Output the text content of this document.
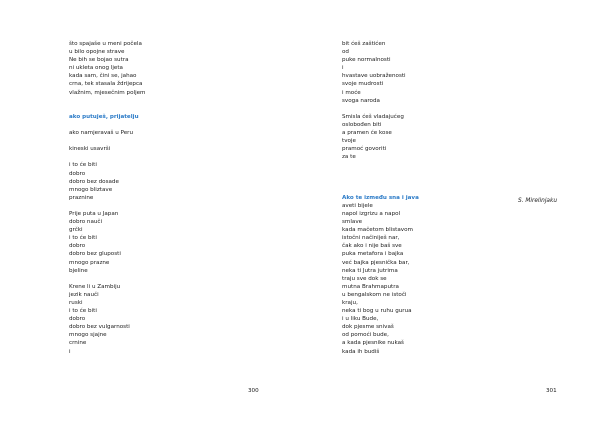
što spajaše u meni počela
u bilo opojne strave
Ne bih se bojao sutra
ni ukleta onog ljeta
kada sam, čini se, jahao
crna, tek stasala ždrijepca
vlažnim, mjesečnim poljem
ako putuješ, prijatelju
ako namjeravaš u Peru
kineski usavrši
i to će biti
dobro
dobro bez dosade
mnogo bliztave
praznine
Prije puta u Japan
dobro nauči
grčki
i to će biti
dobro
dobro bez gluposti
mnogo prazne
bjeline
Krene li u Zambiju
jezik nauči
ruski
i to će biti
dobro
dobro bez vulgarnosti
mnogo sjajne
crnine
i
300
bit ćeš zaštićen
od
puke normalnosti
i
hvastave uobraženosti
svoje mudrosti
i moće
svoga naroda
Smisla ćeš vladajućeg
oslobođen biti
a pramen će kose
tvoje
pramoć govoriti
za te
Ako te između sna i java
aveti bijele
napol izgrizu a napol
smlave
kada mačetom blistavom
istočni načiniješ nar,
čak ako i nije baš sve
puka metafora i bajka
već bajka pjesnička bar,
neka ti Jutra jutrima
traju sve dok se
mutna Brahmaputra
u bengalskom ne istoči
kraju,
neka ti bog u ruhu guruа
i u liku Budе,
dok pjesme snivaš
od pomoći bude,
a kada pjesnike nukaš
kada ih budiš
S. Mirelinjaku
301
